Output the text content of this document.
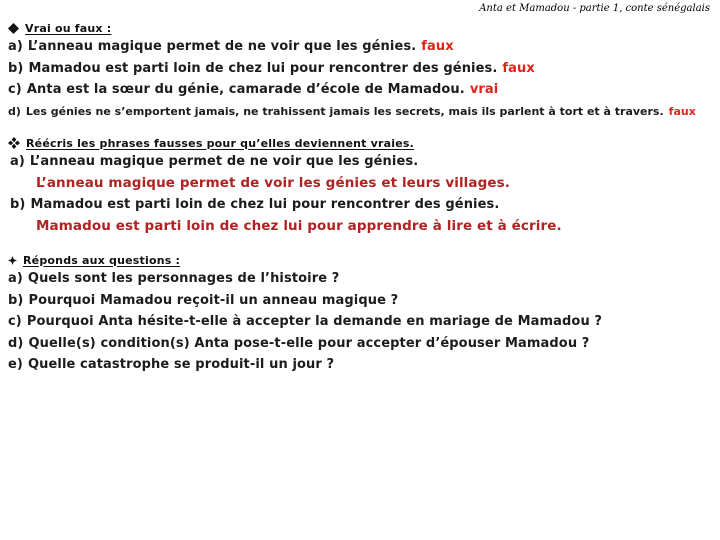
Anta et Mamadou - partie 1, conte sénégalais
Vrai ou faux :
a) L’anneau magique permet de ne voir que les génies. faux
b) Mamadou est parti loin de chez lui pour rencontrer des génies. faux
c) Anta est la sœur du génie, camarade d’école de Mamadou. vrai
d) Les génies ne s’emportent jamais, ne trahissent jamais les secrets, mais ils parlent à tort et à travers. faux
Réécris les phrases fausses pour qu’elles deviennent vraies.
a) L’anneau magique permet de ne voir que les génies.
L’anneau magique permet de voir les génies et leurs villages.
b) Mamadou est parti loin de chez lui pour rencontrer des génies.
Mamadou est parti loin de chez lui pour apprendre à lire et à écrire.
Réponds aux questions :
a) Quels sont les personnages de l’histoire ?
b) Pourquoi Mamadou reçoit-il un anneau magique ?
c) Pourquoi Anta hésite-t-elle à accepter la demande en mariage de Mamadou ?
d) Quelle(s) condition(s) Anta pose-t-elle pour accepter d’épouser Mamadou ?
e) Quelle catastrophe se produit-il un jour ?
